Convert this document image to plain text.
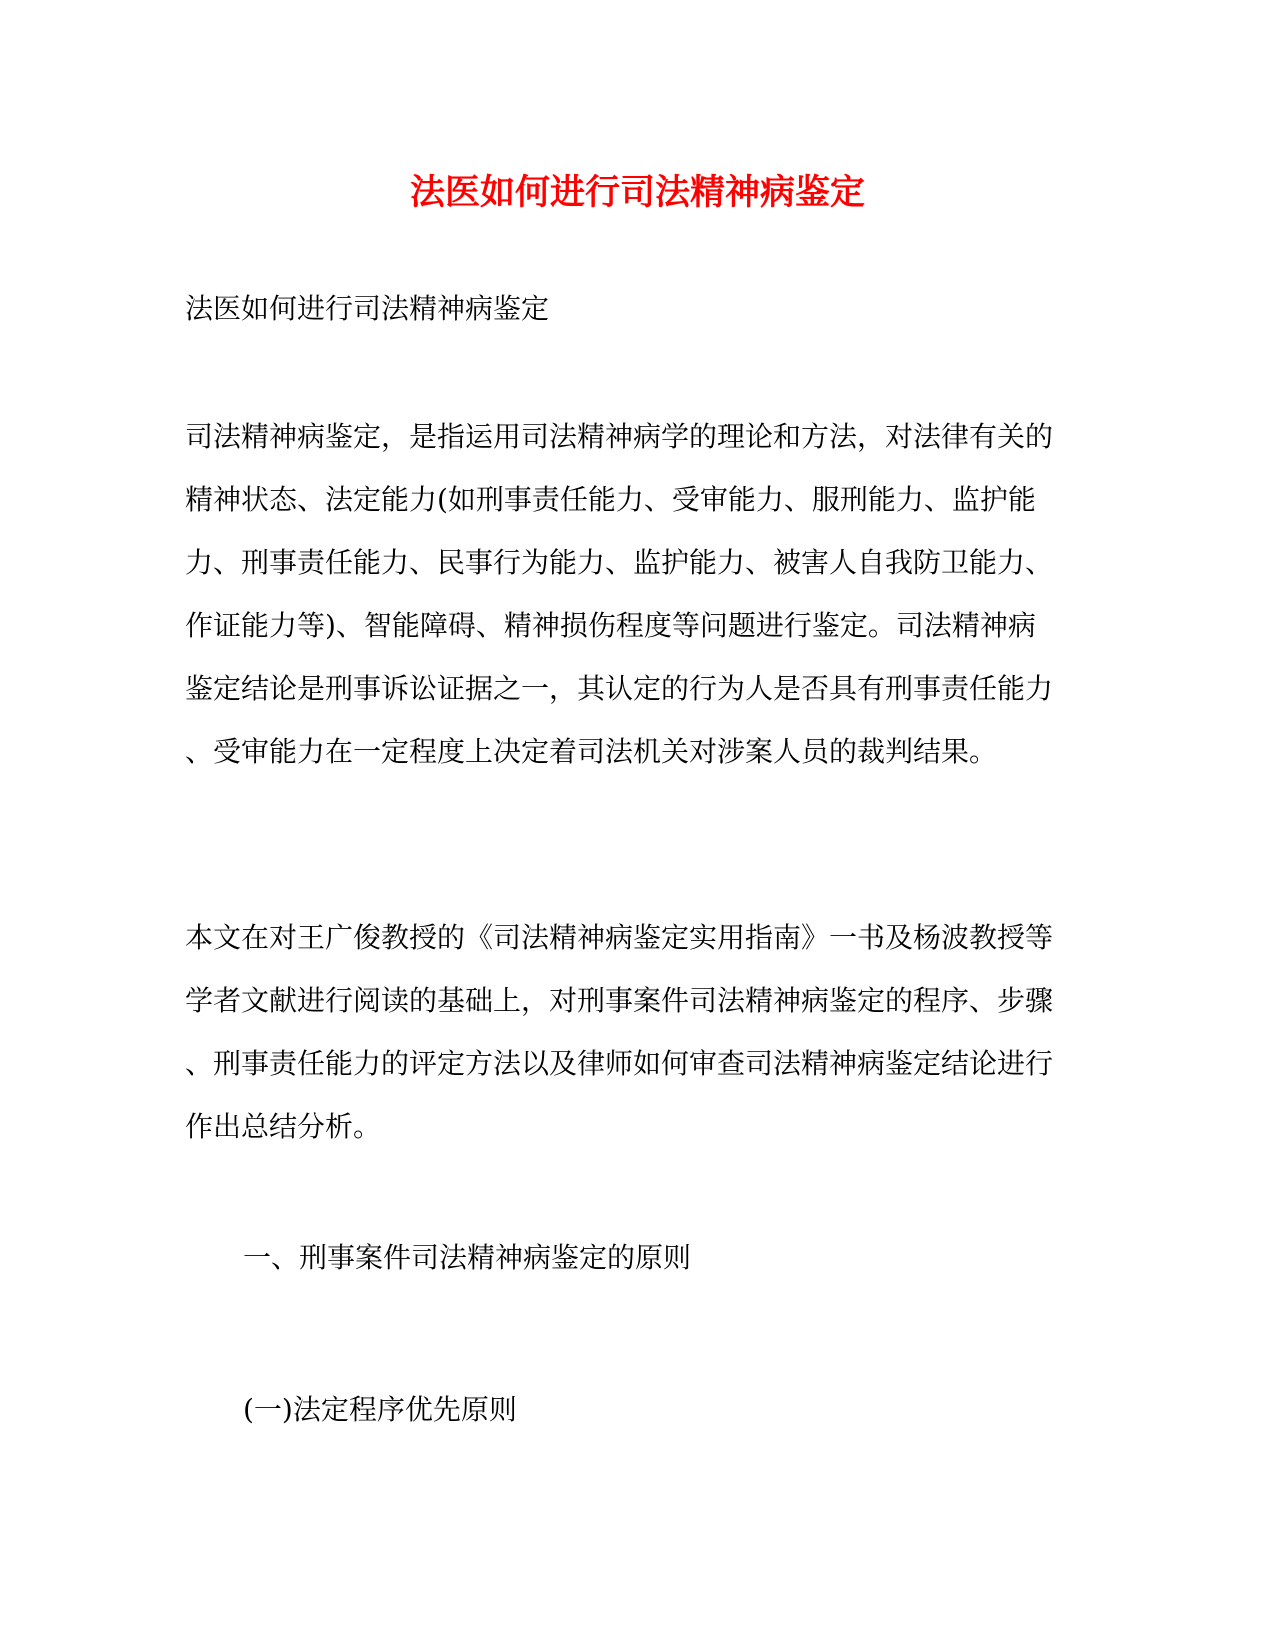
法医如何进行司法精神病鉴定

法医如何进行司法精神病鉴定

司法精神病鉴定，是指运用司法精神病学的理论和方法，对法律有关的
精神状态、法定能力(如刑事责任能力、受审能力、服刑能力、监护能
力、刑事责任能力、民事行为能力、监护能力、被害人自我防卫能力、
作证能力等)、智能障碍、精神损伤程度等问题进行鉴定。司法精神病
鉴定结论是刑事诉讼证据之一，其认定的行为人是否具有刑事责任能力
、受审能力在一定程度上决定着司法机关对涉案人员的裁判结果。

本文在对王广俊教授的《司法精神病鉴定实用指南》一书及杨波教授等
学者文献进行阅读的基础上，对刑事案件司法精神病鉴定的程序、步骤
、刑事责任能力的评定方法以及律师如何审查司法精神病鉴定结论进行
作出总结分析。

一、刑事案件司法精神病鉴定的原则

(一)法定程序优先原则
